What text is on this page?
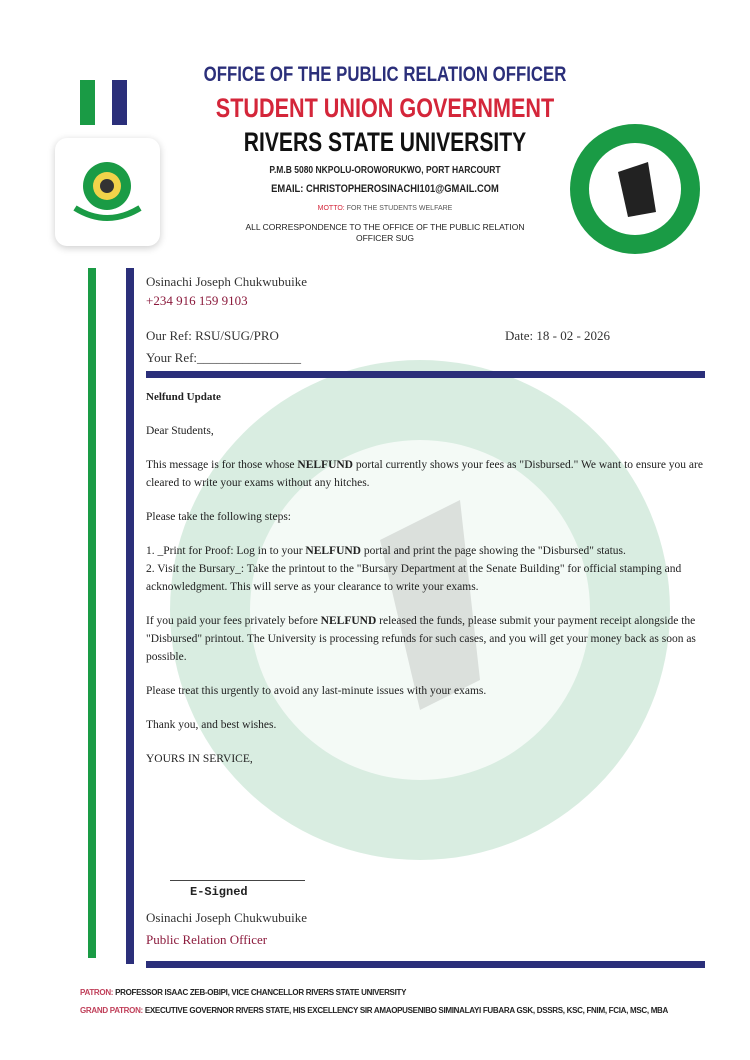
OFFICE OF THE PUBLIC RELATION OFFICER
STUDENT UNION GOVERNMENT
RIVERS STATE UNIVERSITY
P.M.B 5080 NKPOLU-OROWORUKWO, PORT HARCOURT
EMAIL: CHRISTOPHEROSINACHI101@GMAIL.COM
MOTTO: FOR THE STUDENTS WELFARE
ALL CORRESPONDENCE TO THE OFFICE OF THE PUBLIC RELATION OFFICER SUG
Osinachi Joseph Chukwubuike
+234 916 159 9103
Our Ref: RSU/SUG/PRO	Date: 18 - 02 - 2026
Your Ref:________________
Nelfund Update
Dear Students,
This message is for those whose NELFUND portal currently shows your fees as "Disbursed." We want to ensure you are cleared to write your exams without any hitches.
Please take the following steps:
1. _Print for Proof: Log in to your NELFUND portal and print the page showing the "Disbursed" status.
2. Visit the Bursary_: Take the printout to the "Bursary Department at the Senate Building" for official stamping and acknowledgment. This will serve as your clearance to write your exams.
If you paid your fees privately before NELFUND released the funds, please submit your payment receipt alongside the "Disbursed" printout. The University is processing refunds for such cases, and you will get your money back as soon as possible.
Please treat this urgently to avoid any last-minute issues with your exams.
Thank you, and best wishes.
YOURS IN SERVICE,
E-Signed
Osinachi Joseph Chukwubuike
Public Relation Officer
PATRON: PROFESSOR ISAAC ZEB-OBIPI, VICE CHANCELLOR RIVERS STATE UNIVERSITY
GRAND PATRON: EXECUTIVE GOVERNOR RIVERS STATE, HIS EXCELLENCY SIR AMAOPUSENIBO SIMINALAYI FUBARA GSK, DSSRS, KSC, FNIM, FCIA, MSC, MBA
